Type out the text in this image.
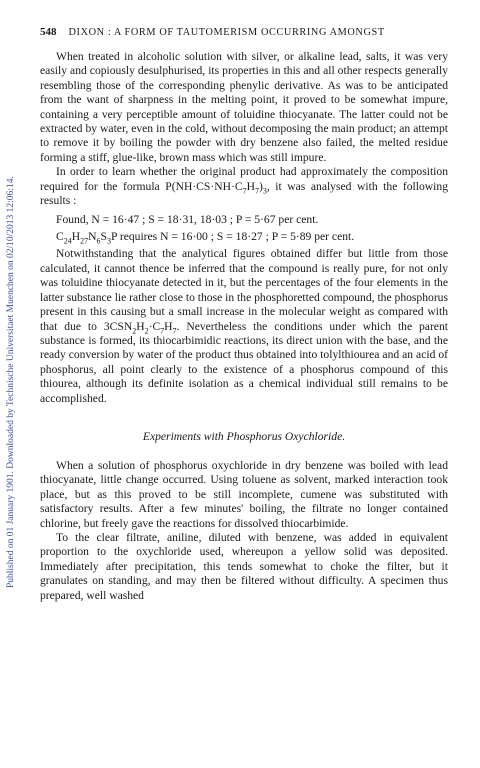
Published on 01 January 1901. Downloaded by Technische Universitaet Muenchen on 02/10/2013 12:06:14.
548 DIXON : A FORM OF TAUTOMERISM OCCURRING AMONGST

When treated in alcoholic solution with silver, or alkaline lead, salts, it was very easily and copiously desulphurised, its properties in this and all other respects generally resembling those of the corresponding phenylic derivative. As was to be anticipated from the want of sharpness in the melting point, it proved to be somewhat impure, containing a very perceptible amount of toluidine thiocyanate. The latter could not be extracted by water, even in the cold, without decomposing the main product; an attempt to remove it by boiling the powder with dry benzene also failed, the melted residue forming a stiff, glue-like, brown mass which was still impure.

In order to learn whether the original product had approximately the composition required for the formula $P(NH\cdot CS\cdot NH\cdot C_7H_7)_3$, it was analysed with the following results :

Found, N = 16·47 ; S = 18·31, 18·03 ; P = 5·67 per cent.
$C_{24}H_{27}N_6S_3P$ requires N = 16·00 ; S = 18·27 ; P = 5·89 per cent.

Notwithstanding that the analytical figures obtained differ but little from those calculated, it cannot thence be inferred that the compound is really pure, for not only was toluidine thiocyanate detected in it, but the percentages of the four elements in the latter substance lie rather close to those in the phosphoretted compound, the phosphorus present in this causing but a small increase in the molecular weight as compared with that due to $3CSN_2H_2\cdot C_7H_7$. Nevertheless the conditions under which the parent substance is formed, its thiocarbimidic reactions, its direct union with the base, and the ready conversion by water of the product thus obtained into tolylthiourea and an acid of phosphorus, all point clearly to the existence of a phosphorus compound of this thiourea, although its definite isolation as a chemical individual still remains to be accomplished.

Experiments with Phosphorus Oxychloride.

When a solution of phosphorus oxychloride in dry benzene was boiled with lead thiocyanate, little change occurred. Using toluene as solvent, marked interaction took place, but as this proved to be still incomplete, cumene was substituted with satisfactory results. After a few minutes' boiling, the filtrate no longer contained chlorine, but freely gave the reactions for dissolved thiocarbimide.

To the clear filtrate, aniline, diluted with benzene, was added in equivalent proportion to the oxychloride used, whereupon a yellow solid was deposited. Immediately after precipitation, this tends somewhat to choke the filter, but it granulates on standing, and may then be filtered without difficulty. A specimen thus prepared, well washed
